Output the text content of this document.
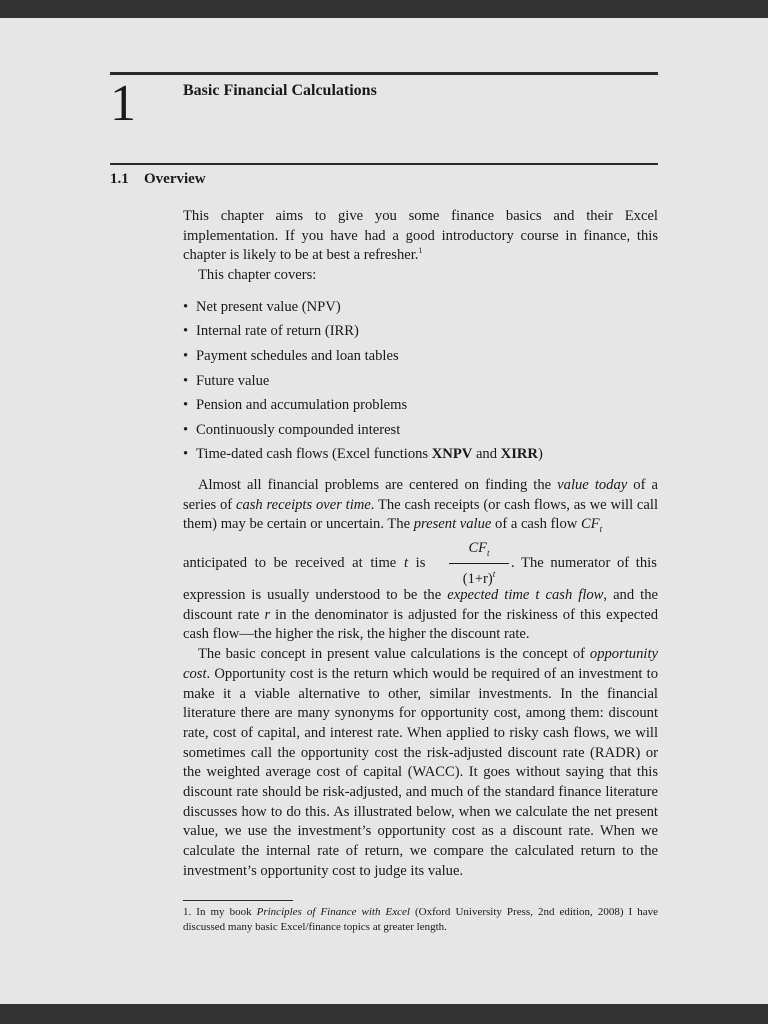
1	Basic Financial Calculations
1.1 Overview

This chapter aims to give you some finance basics and their Excel implementation. If you have had a good introductory course in finance, this chapter is likely to be at best a refresher.$^1$

This chapter covers:

• Net present value (NPV)
• Internal rate of return (IRR)
• Payment schedules and loan tables
• Future value
• Pension and accumulation problems
• Continuously compounded interest
• Time-dated cash flows (Excel functions XNPV and XIRR)

Almost all financial problems are centered on finding the value today of a series of cash receipts over time. The cash receipts (or cash flows, as we will call them) may be certain or uncertain. The present value of a cash flow $CF_t$

anticipated to be received at time t is
$CF_t$
$(1+r)^t$
. The numerator of this

expression is usually understood to be the expected time t cash flow, and the discount rate r in the denominator is adjusted for the riskiness of this expected cash flow—the higher the risk, the higher the discount rate.

The basic concept in present value calculations is the concept of opportunity cost. Opportunity cost is the return which would be required of an investment to make it a viable alternative to other, similar investments. In the financial literature there are many synonyms for opportunity cost, among them: discount rate, cost of capital, and interest rate. When applied to risky cash flows, we will sometimes call the opportunity cost the risk-adjusted discount rate (RADR) or the weighted average cost of capital (WACC). It goes without saying that this discount rate should be risk-adjusted, and much of the standard finance literature discusses how to do this. As illustrated below, when we calculate the net present value, we use the investment’s opportunity cost as a discount rate. When we calculate the internal rate of return, we compare the calculated return to the investment’s opportunity cost to judge its value.

1. In my book Principles of Finance with Excel (Oxford University Press, 2nd edition, 2008) I have discussed many basic Excel/finance topics at greater length.
